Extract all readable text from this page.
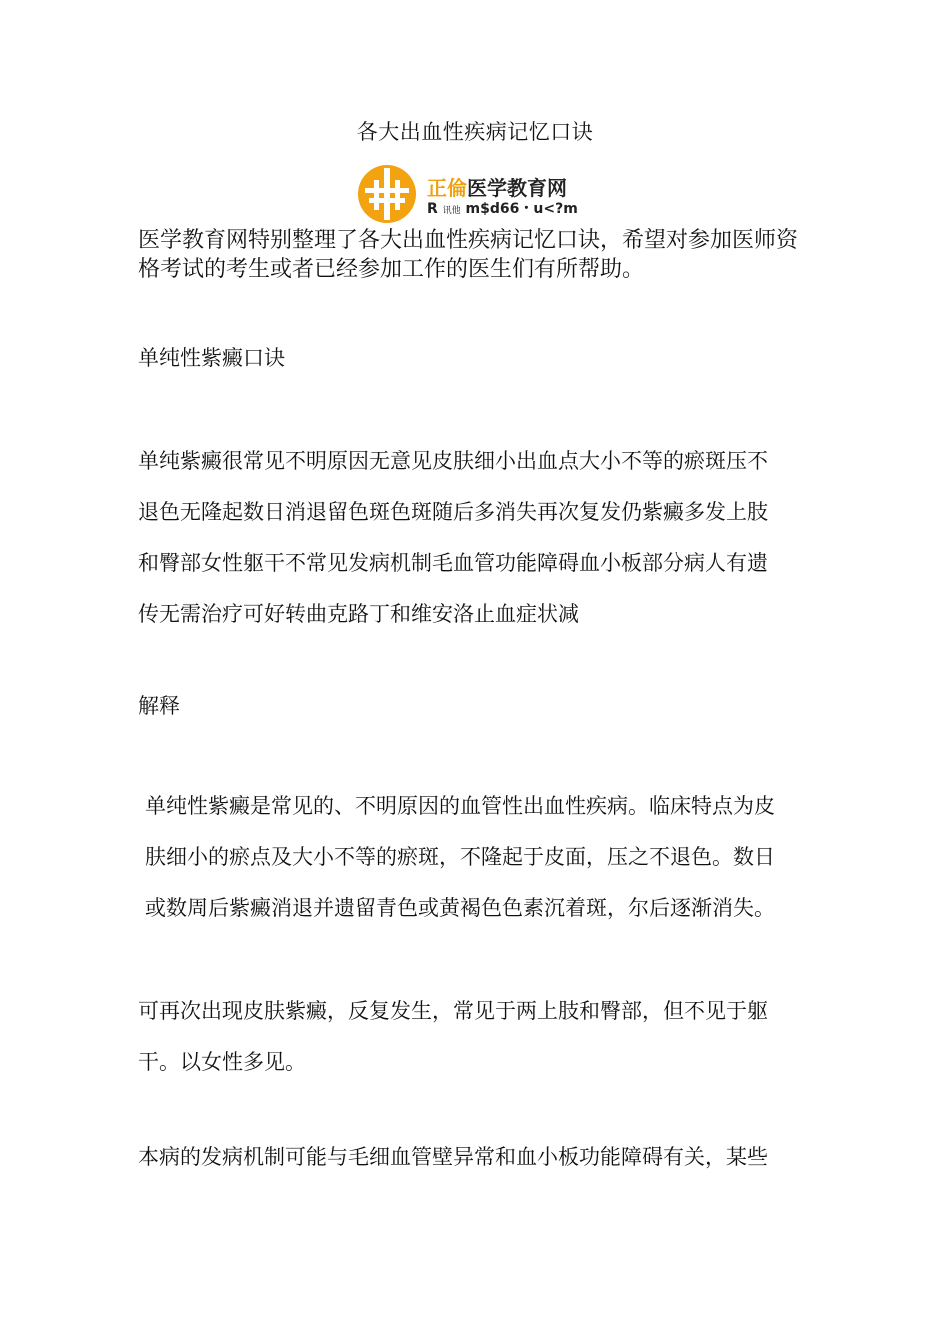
各大出血性疾病记忆口诀
正倫医学教育网
R 讯他 m$d66・u<?m
医学教育网特别整理了各大出血性疾病记忆口诀，希望对参加医师资
格考试的考生或者已经参加工作的医生们有所帮助。
单纯性紫癜口诀
单纯紫癜很常见不明原因无意见皮肤细小出血点大小不等的瘀斑压不
退色无隆起数日消退留色斑色斑随后多消失再次复发仍紫癜多发上肢
和臀部女性躯干不常见发病机制毛血管功能障碍血小板部分病人有遗
传无需治疗可好转曲克路丁和维安洛止血症状减
解释
单纯性紫癜是常见的、不明原因的血管性出血性疾病。临床特点为皮
肤细小的瘀点及大小不等的瘀斑，不隆起于皮面，压之不退色。数日
或数周后紫癜消退并遗留青色或黄褐色色素沉着斑，尔后逐渐消失。
可再次出现皮肤紫癜，反复发生，常见于两上肢和臀部，但不见于躯
干。以女性多见。
本病的发病机制可能与毛细血管壁异常和血小板功能障碍有关，某些
